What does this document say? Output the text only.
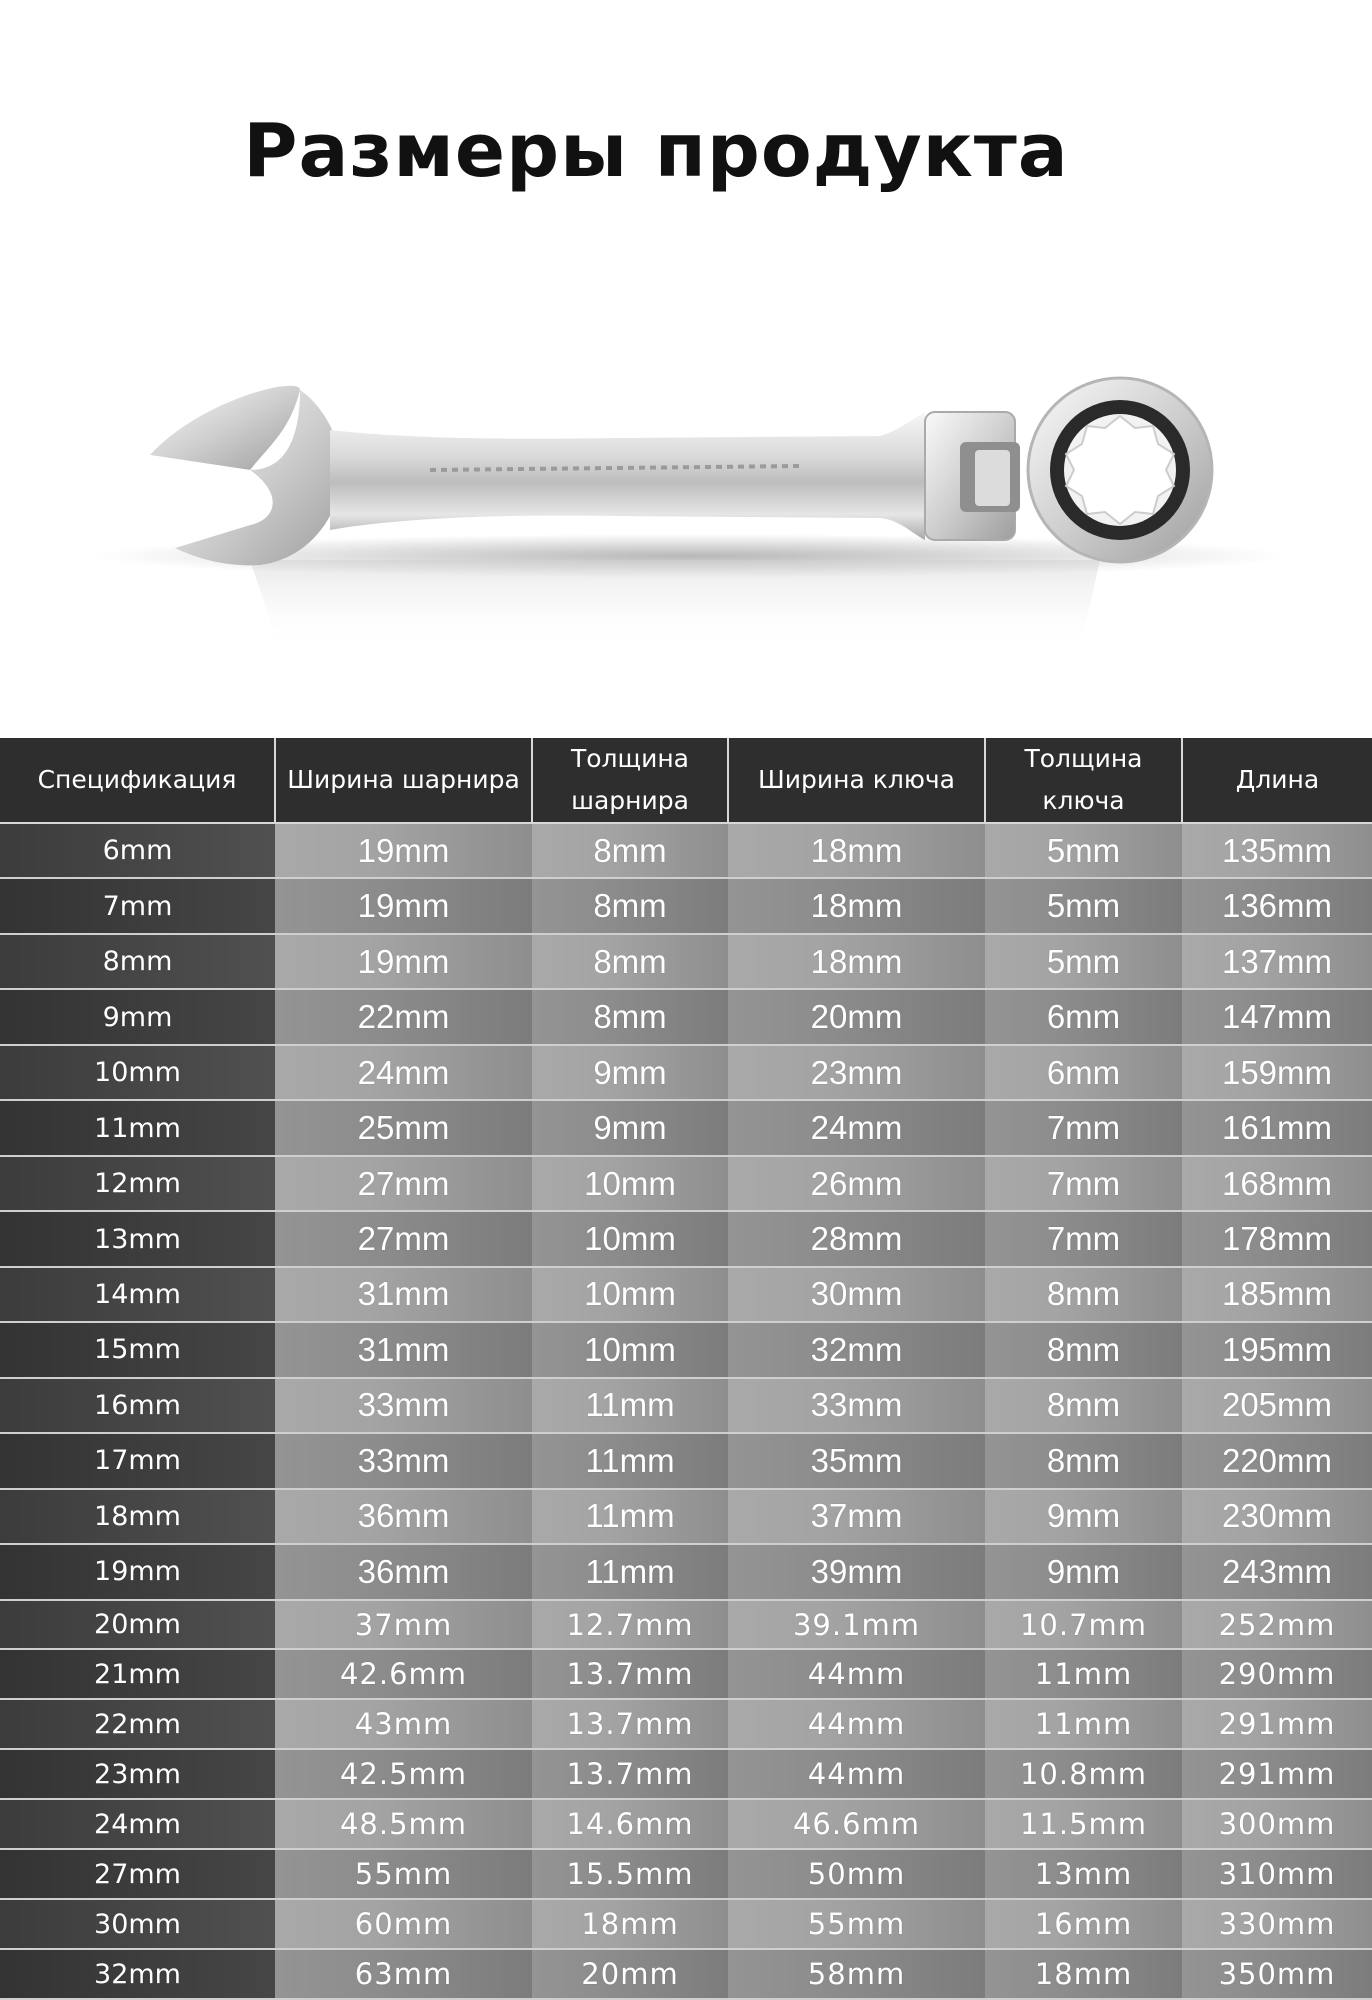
Размеры продукта
Спецификация	Ширина шарнира	Толщина шарнира	Ширина ключа	Толщина ключа	Длина
6mm	19mm	8mm	18mm	5mm	135mm
7mm	19mm	8mm	18mm	5mm	136mm
8mm	19mm	8mm	18mm	5mm	137mm
9mm	22mm	8mm	20mm	6mm	147mm
10mm	24mm	9mm	23mm	6mm	159mm
11mm	25mm	9mm	24mm	7mm	161mm
12mm	27mm	10mm	26mm	7mm	168mm
13mm	27mm	10mm	28mm	7mm	178mm
14mm	31mm	10mm	30mm	8mm	185mm
15mm	31mm	10mm	32mm	8mm	195mm
16mm	33mm	11mm	33mm	8mm	205mm
17mm	33mm	11mm	35mm	8mm	220mm
18mm	36mm	11mm	37mm	9mm	230mm
19mm	36mm	11mm	39mm	9mm	243mm
20mm	37mm	12.7mm	39.1mm	10.7mm	252mm
21mm	42.6mm	13.7mm	44mm	11mm	290mm
22mm	43mm	13.7mm	44mm	11mm	291mm
23mm	42.5mm	13.7mm	44mm	10.8mm	291mm
24mm	48.5mm	14.6mm	46.6mm	11.5mm	300mm
27mm	55mm	15.5mm	50mm	13mm	310mm
30mm	60mm	18mm	55mm	16mm	330mm
32mm	63mm	20mm	58mm	18mm	350mm
